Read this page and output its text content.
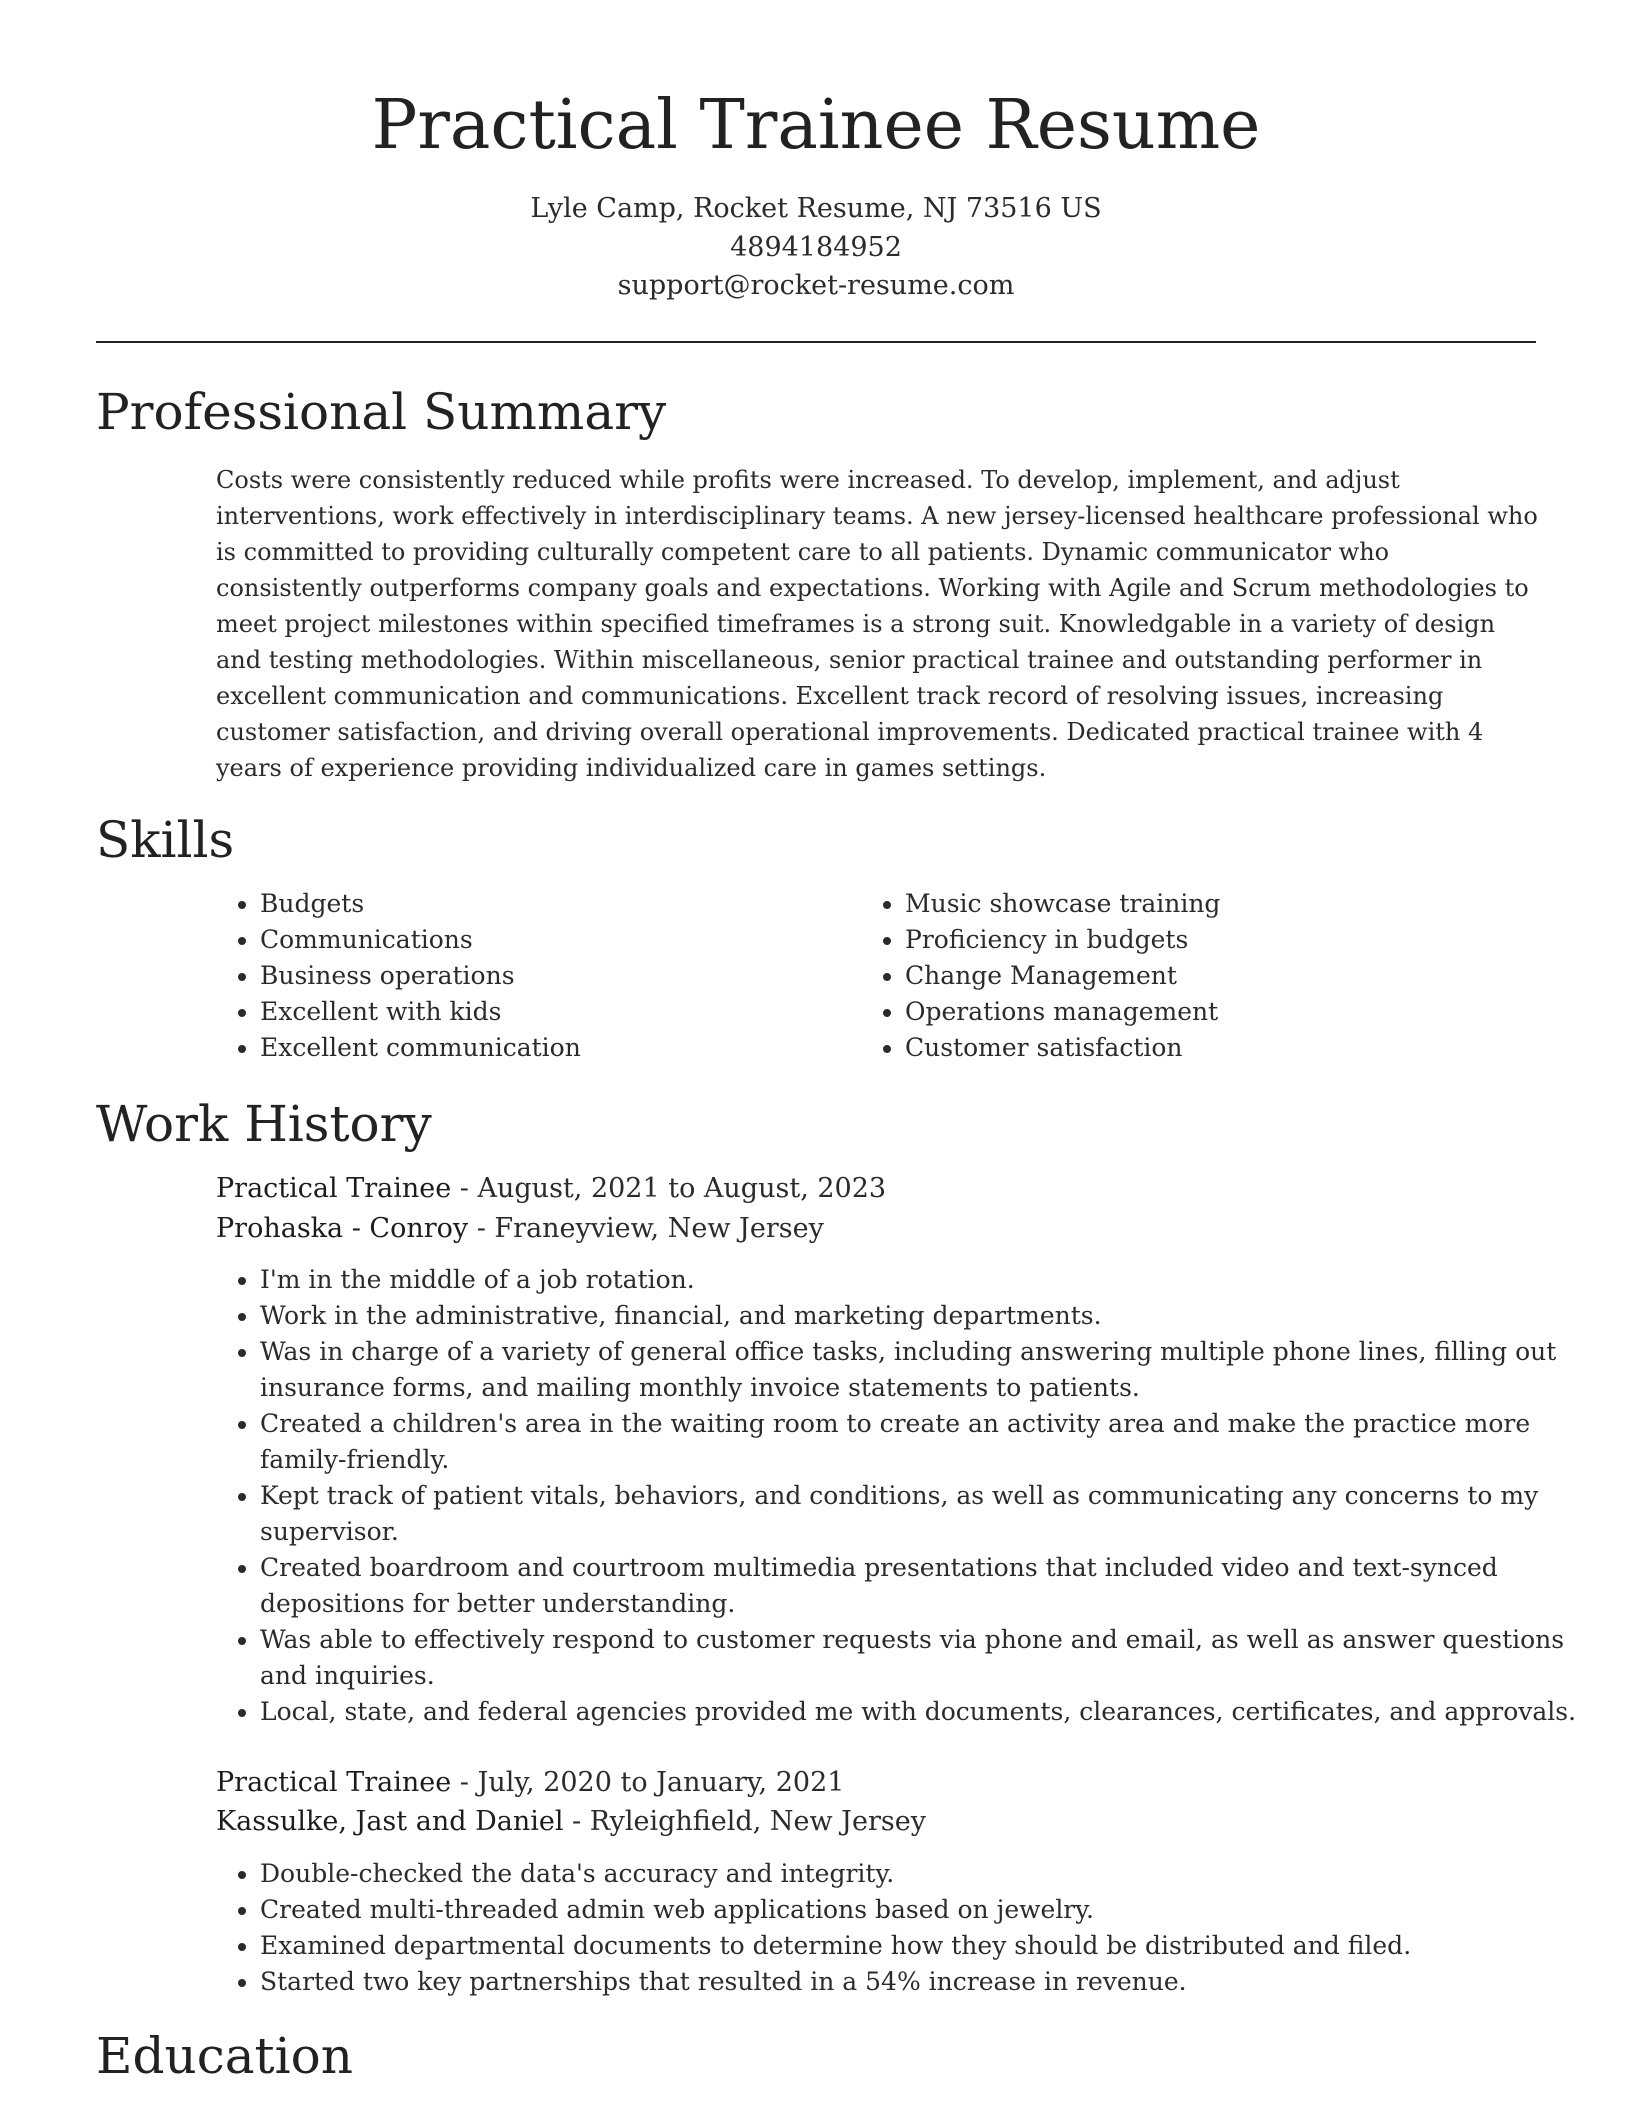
Practical Trainee Resume
Lyle Camp, Rocket Resume, NJ 73516 US
4894184952
support@rocket-resume.com
Professional Summary
Costs were consistently reduced while profits were increased. To develop, implement, and adjust interventions, work effectively in interdisciplinary teams. A new jersey-licensed healthcare professional who is committed to providing culturally competent care to all patients. Dynamic communicator who consistently outperforms company goals and expectations. Working with Agile and Scrum methodologies to meet project milestones within specified timeframes is a strong suit. Knowledgable in a variety of design and testing methodologies. Within miscellaneous, senior practical trainee and outstanding performer in excellent communication and communications. Excellent track record of resolving issues, increasing customer satisfaction, and driving overall operational improvements. Dedicated practical trainee with 4 years of experience providing individualized care in games settings.
Skills
• Budgets
• Communications
• Business operations
• Excellent with kids
• Excellent communication
• Music showcase training
• Proficiency in budgets
• Change Management
• Operations management
• Customer satisfaction
Work History
Practical Trainee - August, 2021 to August, 2023
Prohaska - Conroy - Franeyview, New Jersey
• I'm in the middle of a job rotation.
• Work in the administrative, financial, and marketing departments.
• Was in charge of a variety of general office tasks, including answering multiple phone lines, filling out insurance forms, and mailing monthly invoice statements to patients.
• Created a children's area in the waiting room to create an activity area and make the practice more family-friendly.
• Kept track of patient vitals, behaviors, and conditions, as well as communicating any concerns to my supervisor.
• Created boardroom and courtroom multimedia presentations that included video and text-synced depositions for better understanding.
• Was able to effectively respond to customer requests via phone and email, as well as answer questions and inquiries.
• Local, state, and federal agencies provided me with documents, clearances, certificates, and approvals.
Practical Trainee - July, 2020 to January, 2021
Kassulke, Jast and Daniel - Ryleighfield, New Jersey
• Double-checked the data's accuracy and integrity.
• Created multi-threaded admin web applications based on jewelry.
• Examined departmental documents to determine how they should be distributed and filed.
• Started two key partnerships that resulted in a 54% increase in revenue.
Education
